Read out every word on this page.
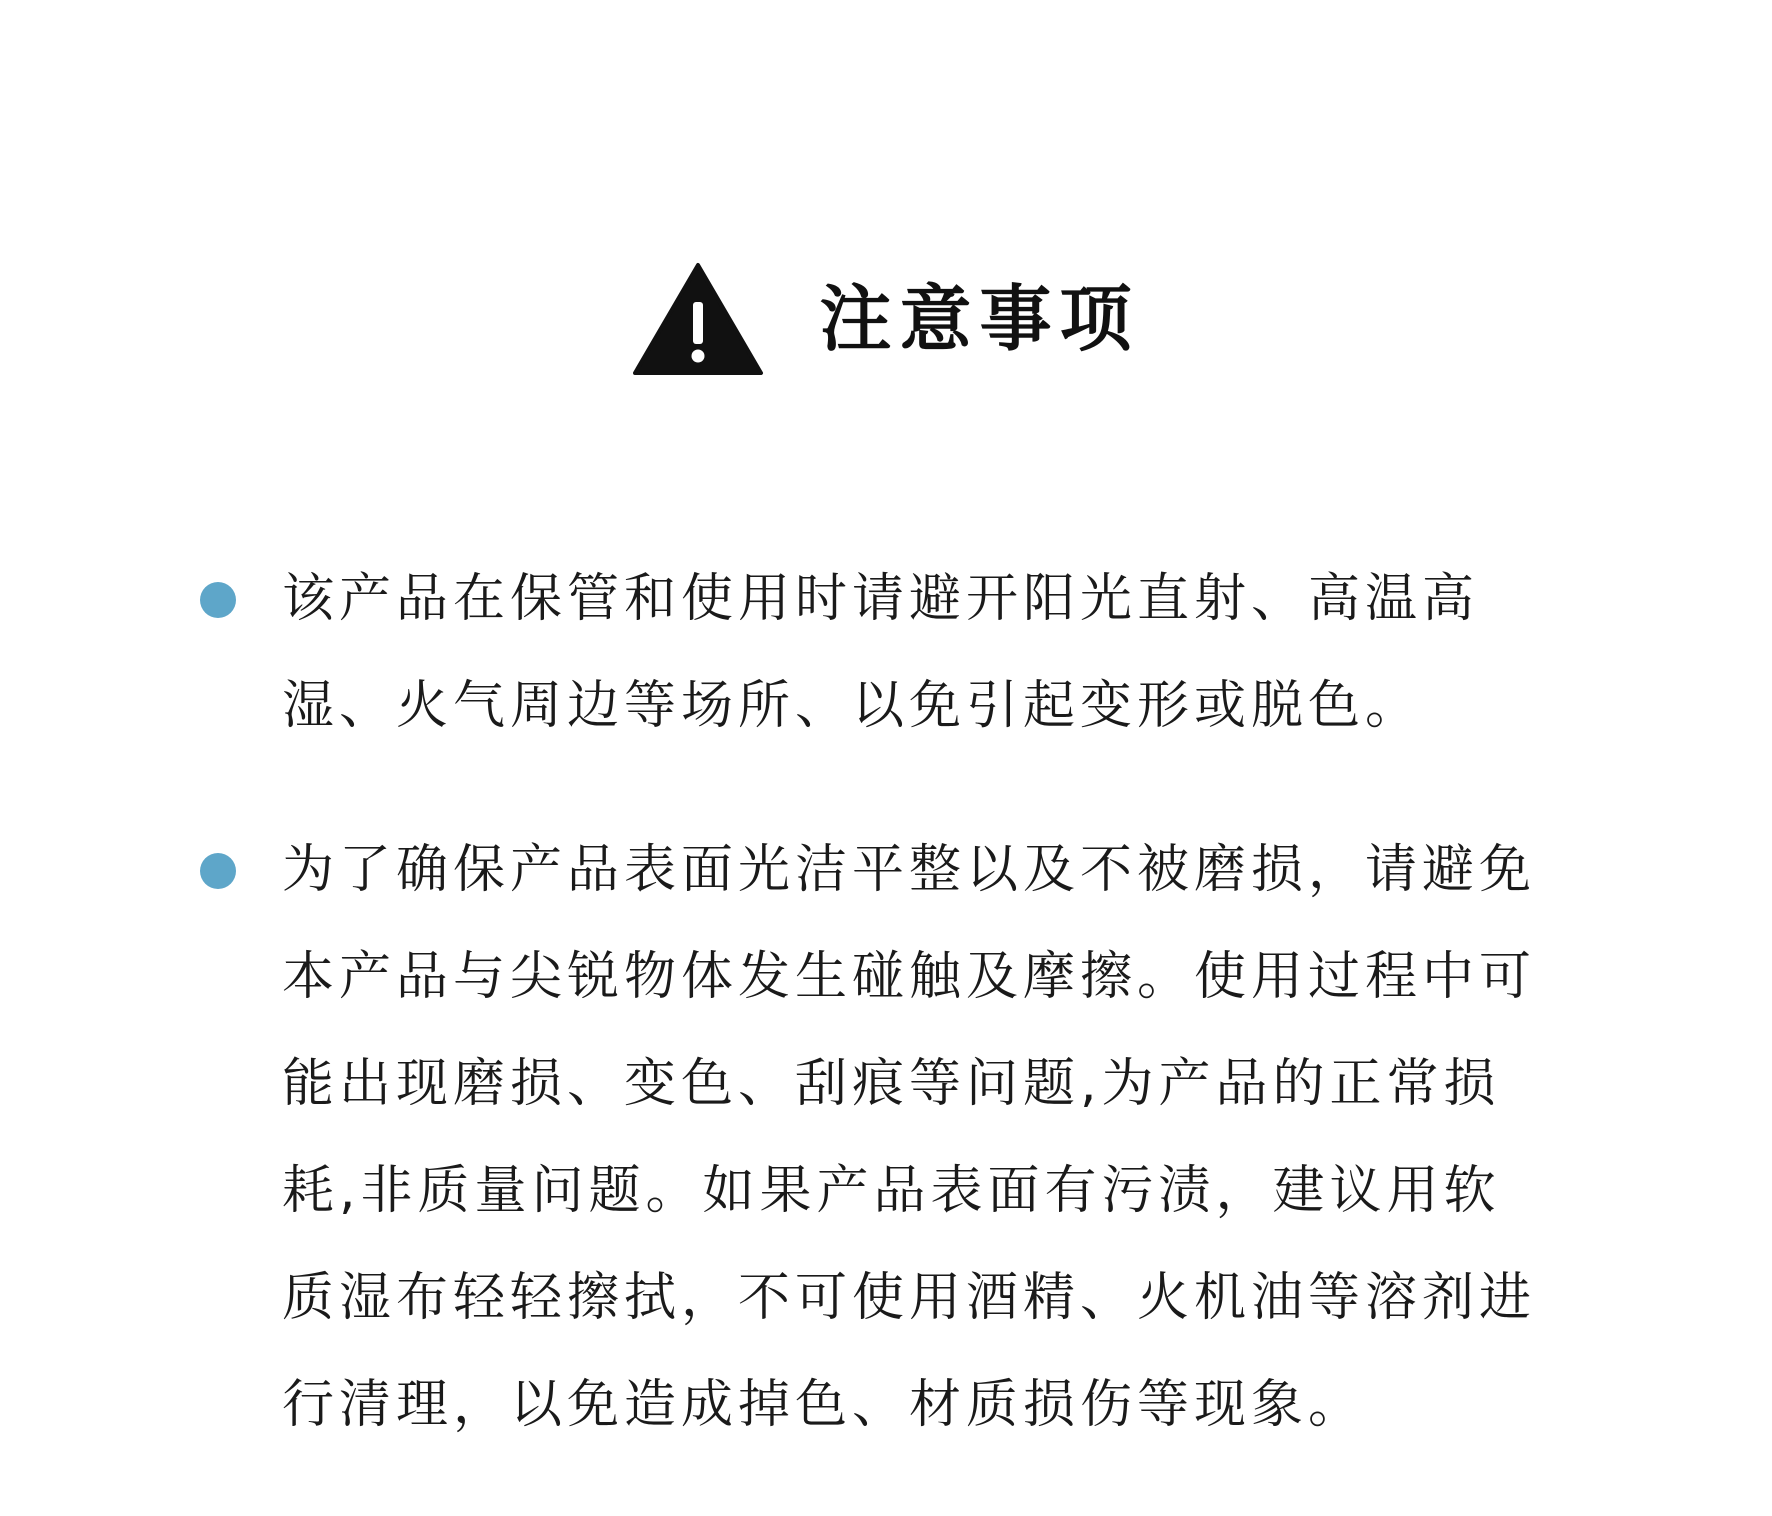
注意事项

该产品在保管和使用时请避开阳光直射、高温高湿、火气周边等场所、以免引起变形或脱色。

为了确保产品表面光洁平整以及不被磨损，请避免本产品与尖锐物体发生碰触及摩擦。使用过程中可能出现磨损、变色、刮痕等问题,为产品的正常损耗,非质量问题。如果产品表面有污渍，建议用软质湿布轻轻擦拭，不可使用酒精、火机油等溶剂进行清理，以免造成掉色、材质损伤等现象。
